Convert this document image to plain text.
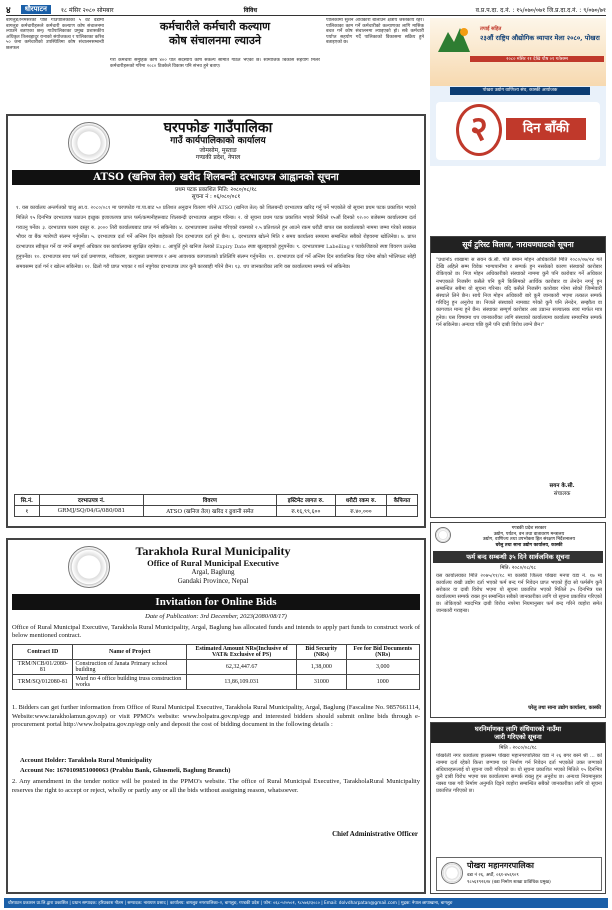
४	धौरपाटन	१८ मंसिर २०८० सोमबार	विविध	व.प्र.प.दा. द.नं. : १५/०७०/०७१ जि.प्र.दा.द.नं. : ९/०७०/७१
बागलुङ/निमसरको पछि गाउँपालिकाका ५ वटै वडामा बागलुङ कर्मचारीहरूले कर्मचारी कल्याण कोष संचालनमा ल्याउने बताएका छन्। गाउँपालिकाका प्रमुख प्रशासकीय अधिकृत तिलबहादुर रानाको संयोजकत्व र पालिकाका करिब ५० जना कर्मचारीको उपस्थितिमा कोष संचालनसम्बन्धी छलफल
कर्मचारीले कर्मचारी कल्याण
कोष संचालनमा ल्याउने
गरी कर्मचारी समुहिक कोष ४०० पति सदस्यीय कोष संकल्प समिति गठित भएको छ। सामाजिक बिकास सहयोग मिलेर कर्मचारीहरूको गरिमा २०८० ठिक्केले विकास पनि संभव हुने बताए।
पालिकामा सुशन अधिकारी बोलाउने क्षेत्रीय जस्तकार्य रहेर। पालिकाका काम गर्ने कर्मचारीको कल्याणका लागि मासिक बचत गर्ने कोष संचालनमा ल्याइएको हो। सबै कर्मचारी पर्याप्त सहयोग गर्दै पालिकाको विकासमा सक्रिय हुने बताइएको छ।
तपाईं सहित
२३औं राष्ट्रिय औद्योगिक व्यापार मेला २०८०, पोखरा
२०८० मंसिर २१ देखि पौष ०१ गतेसम्म
पोखरा उद्योग वाणिज्य संघ, कास्की आयोजक
२	दिन बाँकी
घरपफोङ गाउँपालिका
गाउँ कार्यपालिकाको कार्यालय
जोमसोम, मुस्ताङ
गण्डकी प्रदेश, नेपाल
ATSO (खनिज तेल) खरीद शिलबन्दी दरभाउपत्र आह्वानको सूचना
प्रथम पटक प्रकाशित मिति: २०८०/०८/१८
सूचना नं : ०६/०८०/०८१
१. यस कार्यालय अन्तर्गतको चालु आ.व. २०८०/०८१ मा घरपफोङ गा.पा.बाट ५० प्रतिशत अनुदान वितरण गरिने ATSO (खनिज तेल) को शिलबन्दी दरभाउपत्र खरिद गर्नु पर्ने भएकोले यो सूचना प्रथम पटक प्रकाशित भएको मितिले १५ दिनभित्र दरभाउपत्र पठाउन इच्छुक इजाजतपत्र प्राप्त फर्म/कम्पनीहरूबाट शिलबन्दी दरभाउपत्र आह्वान गरिन्छ। २. यो सूचना प्रथम पटक प्रकाशित भएको मितिले १५औं दिनको १२:०० बजेसम्म कार्यालयमा दर्ता गराउनु पर्नेछ। ३. दरभाउपत्र फारम दस्तुर रु. ३००० तिरी कार्यालयबाट प्राप्त गर्न सकिनेछ। ४. दरभाउपत्रमा उल्लेख गरिएको रकमको २.५ प्रतिशतले हुन आउने रकम धरौटी बापत यस कार्यालयको नाममा जम्मा गरेको सक्कल भौचर वा बैंक ग्यारेण्टी संलग्न गर्नुपर्नेछ। ५. दरभाउपत्र दर्ता गर्ने अन्तिम दिन बाहेकको दिन दरभाउपत्र दर्ता हुने छैन। ६. दरभाउपत्र खोल्ने मिति र समय कार्यालय समयमा सम्बन्धित सबैको रोहवरमा खोलिनेछ। ७. प्राप्त दरभाउपत्र स्वीकृत गर्ने वा नगर्ने सम्पूर्ण अधिकार यस कार्यालयमा सुरक्षित रहनेछ। ८. आपूर्ति हुने खनिज तेलको Expiry Date स्पष्ट खुलाइएको हुनुपर्नेछ। ९. दरभाउपत्रमा Labelling र प्याकेजिङको स्पष्ट विवरण उल्लेख हुनुपर्नेछ। १०. दरभाउपत्र साथ फर्म दर्ता प्रमाणपत्र, नवीकरण, करचुक्ता प्रमाणपत्र र अन्य आवश्यक कागजातको प्रतिलिपि संलग्न गर्नुपर्नेछ। ११. दरभाउपत्र दर्ता गर्ने अन्तिम दिन सार्वजनिक बिदा परेमा सोको भोलिपल्ट सोही समयसम्म दर्ता गर्न र खोल्न सकिनेछ। १२. ढिलो गरी प्राप्त भएका र शर्त नपुगेका दरभाउपत्र उपर कुनै कारबाही गरिने छैन। १३. थप जानकारीका लागि यस कार्यालयमा सम्पर्क गर्न सकिनेछ।
सि.नं.	दरभाउपत्र नं.	विवरण	इस्टिमेट लागत रु.	धरौटी रकम रु.	कैफियत
१	GRMJ/SQ/04/G/080/081	ATSO (खनिज तेल) खरिद र ढुवानी समेत	रु.१६,९९,६००	रु.४०,०००	
Tarakhola Rural Municipality
Office of Rural Municipal Executive
Argal, Baglung
Gandaki Province, Nepal
Invitation for Online Bids
Date of Publication: 3rd December, 2023(2080/08/17)
Office of Rural Municipal Executive, Tarakhola Rural Municipality, Argal, Baglung has allocated funds and intends to apply part funds to construct work of below mentioned contract.
Contract ID	Name of Project	Estimated Amount NRs(Inclusive of VAT& Exclusive of PS)	Bid Security (NRs)	Fee for Bid Documents (NRs)
TRM/NCB/01/2080-81	Construction of Janata Primary school building	62,32,447.67	1,38,000	3,000
TRM/SQ/012080-81	Ward no 4 office building truss construction works	13,86,109.031	31000	1000
1. Bidders can get further information from Office of Rural Municipal Executive, Tarakhola Rural Municipality, Argal, Baglung (Fascaline No. 9857661114, Website:www.tarakholamun.gov.np) or visit PPMO's website: www.bolpatra.gov.np/egp and interested bidders should submit online bids through e-procurement portal http://www.bolpatra.gov.np/egp only and deposit the cost of bidding document in the following details :
Account Holder: Tarakhola Rural Municipality
Account No: 1670109851000063 (Prabhu Bank, Ghusmeli, Baglung Branch)
2. Any amendment in the tender notice will be posted in the PPMO's website. The office of Rural Municipal Executive, TarakholaRural Municipality reserves the right to accept or reject, wholly or partly any or all the bids without assigning reason, whatsoever.
Chief Administrative Officer
सूर्य टुरिस्ट विलाज, नारायणघाटको सूचना
"प्रधानोंऽ शाखामा स सयन के.सी. पति बमान मोहन अधिकारीले मिति २०८०/०७/२४ गते देखि अहिले सम्म विवेक भाग्यपानीमा र सम्पर्क हुन नसकेको कारण संस्थाको कारोबार रोकिएको छ। निज मोहन अधिकारीको संस्थाको नाममा कुनै पनि कारोबार गर्ने अधिकार नभएकाले निजसँग कसैले पनि कुनै किसिमको आर्थिक कारोबार वा लेनदेन नगर्नु हुन सम्बन्धित सबैमा यो सूचना गरिन्छ। यदि कसैले निजसँग कारोबार गरेमा सोको जिम्मेवारी संस्थाले लिने छैन। साथै निज मोहन अधिकारी बारे कुनै जानकारी भएमा तत्काल सम्पर्क गरिदिनु हुन अनुरोध छ। निजले संस्थाको नामबाट गरेको कुनै पनि लेनदेन, सम्झौता वा कागजात मान्य हुने छैन। संस्थाका सम्पूर्ण कारोबार अब उप्रान्त सञ्चालक स्वयं मार्फत मात्र हुनेछ। यस विषयमा थप जानकारीका लागि संस्थाको कार्यालयमा कार्यालय समयभित्र सम्पर्क गर्न सकिनेछ। अन्यथा पछि कुनै पनि दाबी विरोध लाग्ने छैन।"
सयन के.सी.
संचालक
गण्डकी प्रदेश सरकार
उद्योग, पर्यटन, वन तथा वातावरण मन्त्रालय
उद्योग, वाणिज्य तथा उपभोक्ता हित संरक्षण निर्देशनालय
घरेलु तथा साना उद्योग कार्यालय, कास्की
फर्म बन्द सम्बन्धी ३५ दिने सार्वजनिक सूचना
मिति: २०८०/०८/१८
यस कार्यालयका मिति २०७५/११/१८ मा कास्की जिल्ला पोखरा मनपा वडा नं. १७ मा कार्यालय राखी उद्योग दर्ता भएको फर्म बन्द गर्न निवेदन प्राप्त भएको हुँदा सो फर्मसँग कुनै सरोकार वा दाबी विरोध भएमा यो सूचना प्रकाशित भएको मितिले ३५ दिनभित्र यस कार्यालयमा सम्पर्क राख्न हुन सम्बन्धित सबैको जानकारीका लागि यो सूचना प्रकाशित गरिएको छ। तोकिएको म्यादभित्र दाबी विरोध नपरेमा नियमानुसार फर्म बन्द गरिने व्यहोरा समेत जानकारी गराइन्छ।
घरेलु तथा साना उद्योग कार्यालय, कास्की
घरनिर्माणका लागि संधियारको नाउँमा
जारी गरिएको सूचना
मिति : २०८०/०८/१८
पोखरेली नगर कार्यालय हालसम्म पोखरा महानगरपालिका वडा नं २६ बगर बस्ने श्री ... को नाममा दर्ता रहेको कित्ता जग्गामा घर निर्माण गर्न निवेदन दर्ता भएकोले उक्त जग्गाको संधियारहरूलाई यो सूचना जारी गरिएको छ। यो सूचना प्रकाशित भएको मितिले १५ दिनभित्र कुनै दाबी विरोध भएमा यस कार्यालयमा सम्पर्क राख्नु हुन अनुरोध छ। अन्यथा नियमानुसार नक्सा पास गरी निर्माण अनुमति दिइने व्यहोरा सम्बन्धित सबैको जानकारीका लागि यो सूचना प्रकाशित गरिएको छ।
पोखरा महानगरपालिका
वडा नं २६, अर्घौ, ०६१-४५६९०९
९८५६१९२६२४ (वडा निर्माण शाखा प्राविधिक प्रमुख)
धौरपाटन प्रकाशन प्रा.लि.द्वारा प्रकाशित | प्रधान सम्पादक: हरिप्रकाश गौतम | सम्पादक: नारायण प्रसाद | कार्यालय: बागलुङ नगरपालिका–२, बागलुङ, गण्डकी प्रदेश | फोन: ०६८-५२०५०१, ९८५७६२३०८० | Email: dolvdharpatan@gmail.com | मुद्रक: नेपाल छापाखाना, बागलुङ
